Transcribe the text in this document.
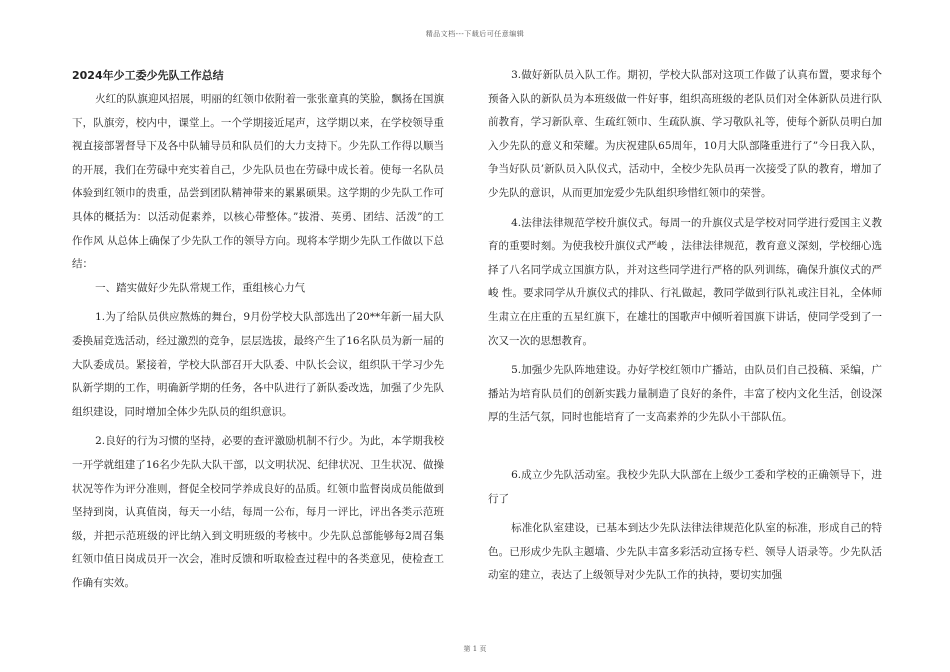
精品文档---下载后可任意编辑
2024年少工委少先队工作总结

火红的队旗迎风招展，明丽的红领巾依附着一张张童真的笑脸，飘扬在国旗下，队旗旁，校内中，课堂上。一个学期接近尾声，这学期以来，在学校领导重视直接部署督导下及各中队辅导员和队员们的大力支持下。少先队工作得以顺当的开展，我们在劳碌中充实着自己，少先队员也在劳碌中成长着。使每一名队员体验到红领巾的贵重，品尝到团队精神带来的累累硕果。这学期的少先队工作可具体的概括为：以活动促素养，以核心带整体。”拔滑、英勇、团结、活泼”的工作作风 从总体上确保了少先队工作的领导方向。现将本学期少先队工作做以下总结：

一、踏实做好少先队常规工作，重组核心力气

1.为了给队员供应熬炼的舞台，9月份学校大队部选出了20**年新一届大队委换届竞选活动，经过激烈的竞争，层层选拔，最终产生了16名队员为新一届的大队委成员。紧接着，学校大队部召开大队委、中队长会议，组织队干学习少先队新学期的工作，明确新学期的任务，各中队进行了新队委改选，加强了少先队组织建设，同时增加全体少先队员的组织意识。

2.良好的行为习惯的坚持，必要的查评激励机制不行少。为此，本学期我校一开学就组建了16名少先队大队干部，以文明状况、纪律状况、卫生状况、做操状况等作为评分准则，督促全校同学养成良好的品质。红领巾监督岗成员能做到坚持到岗，认真值岗，每天一小结，每周一公布，每月一评比，评出各类示范班级，并把示范班级的评比纳入到文明班级的考核中。少先队总部能够每2周召集红领巾值日岗成员开一次会，准时反馈和听取检查过程中的各类意见，使检查工作确有实效。

3.做好新队员入队工作。期初，学校大队部对这项工作做了认真布置，要求每个预备入队的新队员为本班级做一件好事，组织高班级的老队员们对全体新队员进行队前教育，学习新队章、生疏红领巾、生疏队旗、学习敬队礼等，使每个新队员明白加入少先队的意义和荣耀。为庆祝建队65周年，10月大队部隆重进行了”今日我入队，争当好队员’新队员入队仪式，活动中，全校少先队员再一次接受了队的教育，增加了少先队的意识，从而更加宠爱少先队组织珍惜红领巾的荣誉。

4.法律法律规范学校升旗仪式。每周一的升旗仪式是学校对同学进行爱国主义教育的重要时刻。为使我校升旗仪式严峻 ，法律法律规范，教育意义深刻，学校细心选择了八名同学成立国旗方队，并对这些同学进行严格的队列训练，确保升旗仪式的严峻 性。要求同学从升旗仪式的排队、行礼做起，教同学做到行队礼或注目礼，全体师生肃立在庄重的五星红旗下，在雄壮的国歌声中倾听着国旗下讲话，使同学受到了一次又一次的思想教育。

5.加强少先队阵地建设。办好学校红领巾广播站，由队员们自己投稿、采编，广播站为培育队员们的创新实践力量制造了良好的条件，丰富了校内文化生活，创设深厚的生活气氛，同时也能培育了一支高素养的少先队小干部队伍。

6.成立少先队活动室。我校少先队大队部在上级少工委和学校的正确领导下，进行了

标准化队室建设，已基本到达少先队法律法律规范化队室的标准，形成自己的特色。已形成少先队主题墙、少先队丰富多彩活动宣扬专栏、领导人语录等。少先队活动室的建立，表达了上级领导对少先队工作的执持，要切实加强

第 1 页
